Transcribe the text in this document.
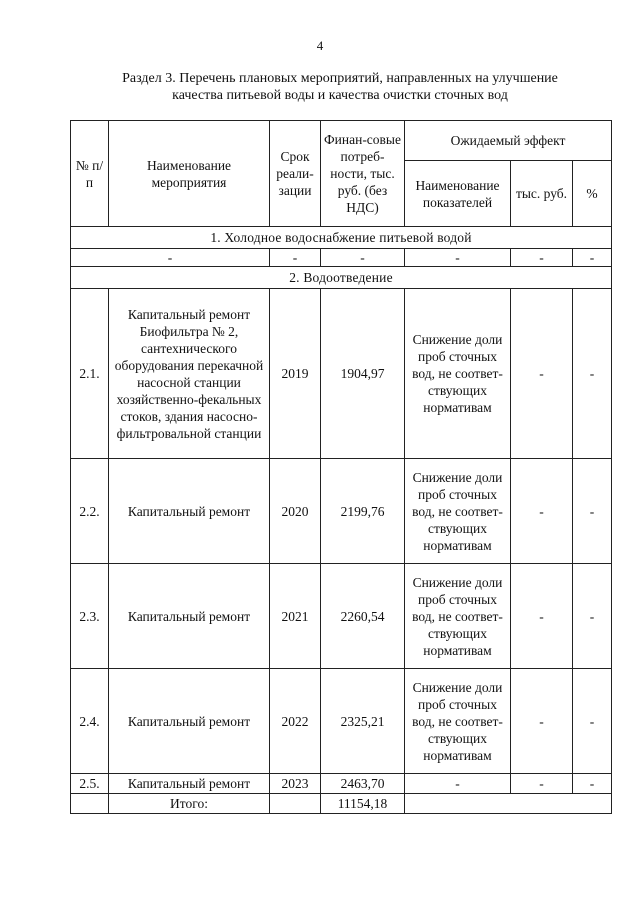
4
Раздел 3. Перечень плановых мероприятий, направленных на улучшение
качества питьевой воды и качества очистки сточных вод
№ п/п	Наименование мероприятия	Срок реали-зации	Финан-совые потреб-ности, тыс. руб. (без НДС)	Ожидаемый эффект		
				Наименование показателей	тыс. руб.	%
1. Холодное водоснабжение питьевой водой						
-		-	-	-	-	-
2. Водоотведение						
2.1.	Капитальный ремонт Биофильтра № 2, сантехнического оборудования перекачной насосной станции хозяйственно-фекальных стоков, здания насосно-фильтровальной станции	2019	1904,97	Снижение доли проб сточных вод, не соответ-ствующих нормативам	-	-
2.2.	Капитальный ремонт	2020	2199,76	Снижение доли проб сточных вод, не соответ-ствующих нормативам	-	-
2.3.	Капитальный ремонт	2021	2260,54	Снижение доли проб сточных вод, не соответ-ствующих нормативам	-	-
2.4.	Капитальный ремонт	2022	2325,21	Снижение доли проб сточных вод, не соответ-ствующих нормативам	-	-
2.5.	Капитальный ремонт	2023	2463,70	-	-	-
	Итого:		11154,18			
